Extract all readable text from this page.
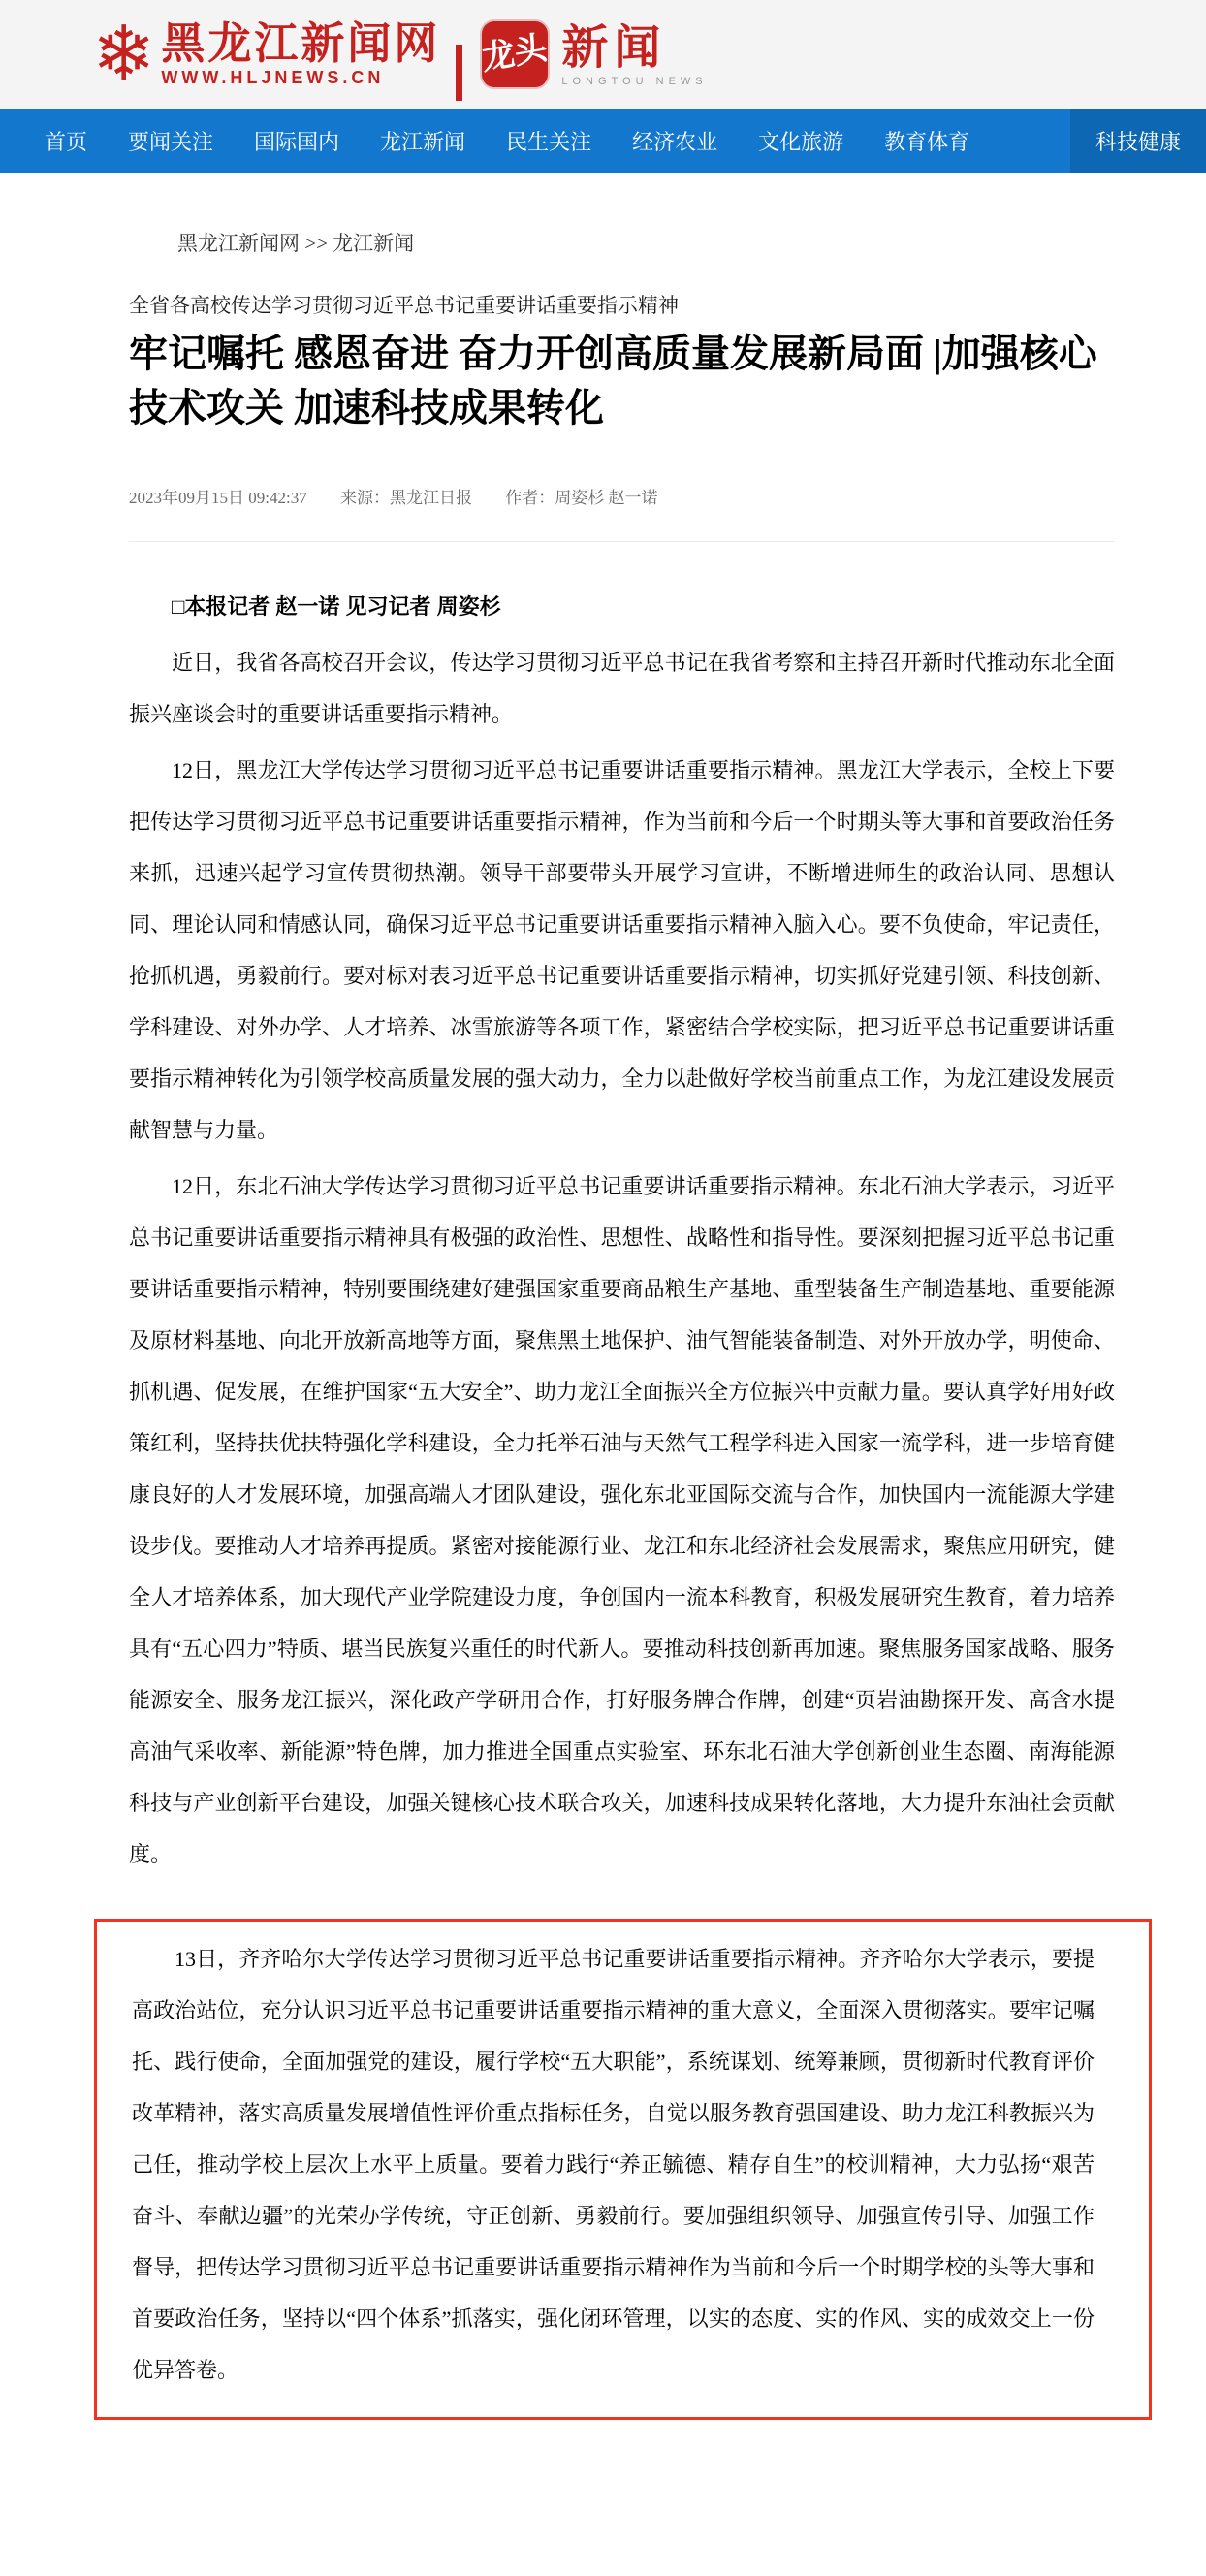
❄ 黑龙江新闻网
WWW.HLJNEWS.CN
龙头 新闻
LONGTOU NEWS
首页 要闻关注 国际国内 龙江新闻 民生关注 经济农业 文化旅游 教育体育	科技健康
黑龙江新闻网 >> 龙江新闻
全省各高校传达学习贯彻习近平总书记重要讲话重要指示精神
牢记嘱托 感恩奋进 奋力开创高质量发展新局面 |加强核心技术攻关 加速科技成果转化
2023年09月15日 09:42:37 来源：黑龙江日报 作者：周姿杉 赵一诺

□本报记者 赵一诺 见习记者 周姿杉

近日，我省各高校召开会议，传达学习贯彻习近平总书记在我省考察和主持召开新时代推动东北全面振兴座谈会时的重要讲话重要指示精神。

12日，黑龙江大学传达学习贯彻习近平总书记重要讲话重要指示精神。黑龙江大学表示，全校上下要把传达学习贯彻习近平总书记重要讲话重要指示精神，作为当前和今后一个时期头等大事和首要政治任务来抓，迅速兴起学习宣传贯彻热潮。领导干部要带头开展学习宣讲，不断增进师生的政治认同、思想认同、理论认同和情感认同，确保习近平总书记重要讲话重要指示精神入脑入心。要不负使命，牢记责任，抢抓机遇，勇毅前行。要对标对表习近平总书记重要讲话重要指示精神，切实抓好党建引领、科技创新、学科建设、对外办学、人才培养、冰雪旅游等各项工作，紧密结合学校实际，把习近平总书记重要讲话重要指示精神转化为引领学校高质量发展的强大动力，全力以赴做好学校当前重点工作，为龙江建设发展贡献智慧与力量。

12日，东北石油大学传达学习贯彻习近平总书记重要讲话重要指示精神。东北石油大学表示，习近平总书记重要讲话重要指示精神具有极强的政治性、思想性、战略性和指导性。要深刻把握习近平总书记重要讲话重要指示精神，特别要围绕建好建强国家重要商品粮生产基地、重型装备生产制造基地、重要能源及原材料基地、向北开放新高地等方面，聚焦黑土地保护、油气智能装备制造、对外开放办学，明使命、抓机遇、促发展，在维护国家“五大安全”、助力龙江全面振兴全方位振兴中贡献力量。要认真学好用好政策红利，坚持扶优扶特强化学科建设，全力托举石油与天然气工程学科进入国家一流学科，进一步培育健康良好的人才发展环境，加强高端人才团队建设，强化东北亚国际交流与合作，加快国内一流能源大学建设步伐。要推动人才培养再提质。紧密对接能源行业、龙江和东北经济社会发展需求，聚焦应用研究，健全人才培养体系，加大现代产业学院建设力度，争创国内一流本科教育，积极发展研究生教育，着力培养具有“五心四力”特质、堪当民族复兴重任的时代新人。要推动科技创新再加速。聚焦服务国家战略、服务能源安全、服务龙江振兴，深化政产学研用合作，打好服务牌合作牌，创建“页岩油勘探开发、高含水提高油气采收率、新能源”特色牌，加力推进全国重点实验室、环东北石油大学创新创业生态圈、南海能源科技与产业创新平台建设，加强关键核心技术联合攻关，加速科技成果转化落地，大力提升东油社会贡献度。

13日，齐齐哈尔大学传达学习贯彻习近平总书记重要讲话重要指示精神。齐齐哈尔大学表示，要提高政治站位，充分认识习近平总书记重要讲话重要指示精神的重大意义，全面深入贯彻落实。要牢记嘱托、践行使命，全面加强党的建设，履行学校“五大职能”，系统谋划、统筹兼顾，贯彻新时代教育评价改革精神，落实高质量发展增值性评价重点指标任务，自觉以服务教育强国建设、助力龙江科教振兴为己任，推动学校上层次上水平上质量。要着力践行“养正毓德、精存自生”的校训精神，大力弘扬“艰苦奋斗、奉献边疆”的光荣办学传统，守正创新、勇毅前行。要加强组织领导、加强宣传引导、加强工作督导，把传达学习贯彻习近平总书记重要讲话重要指示精神作为当前和今后一个时期学校的头等大事和首要政治任务，坚持以“四个体系”抓落实，强化闭环管理，以实的态度、实的作风、实的成效交上一份优异答卷。
